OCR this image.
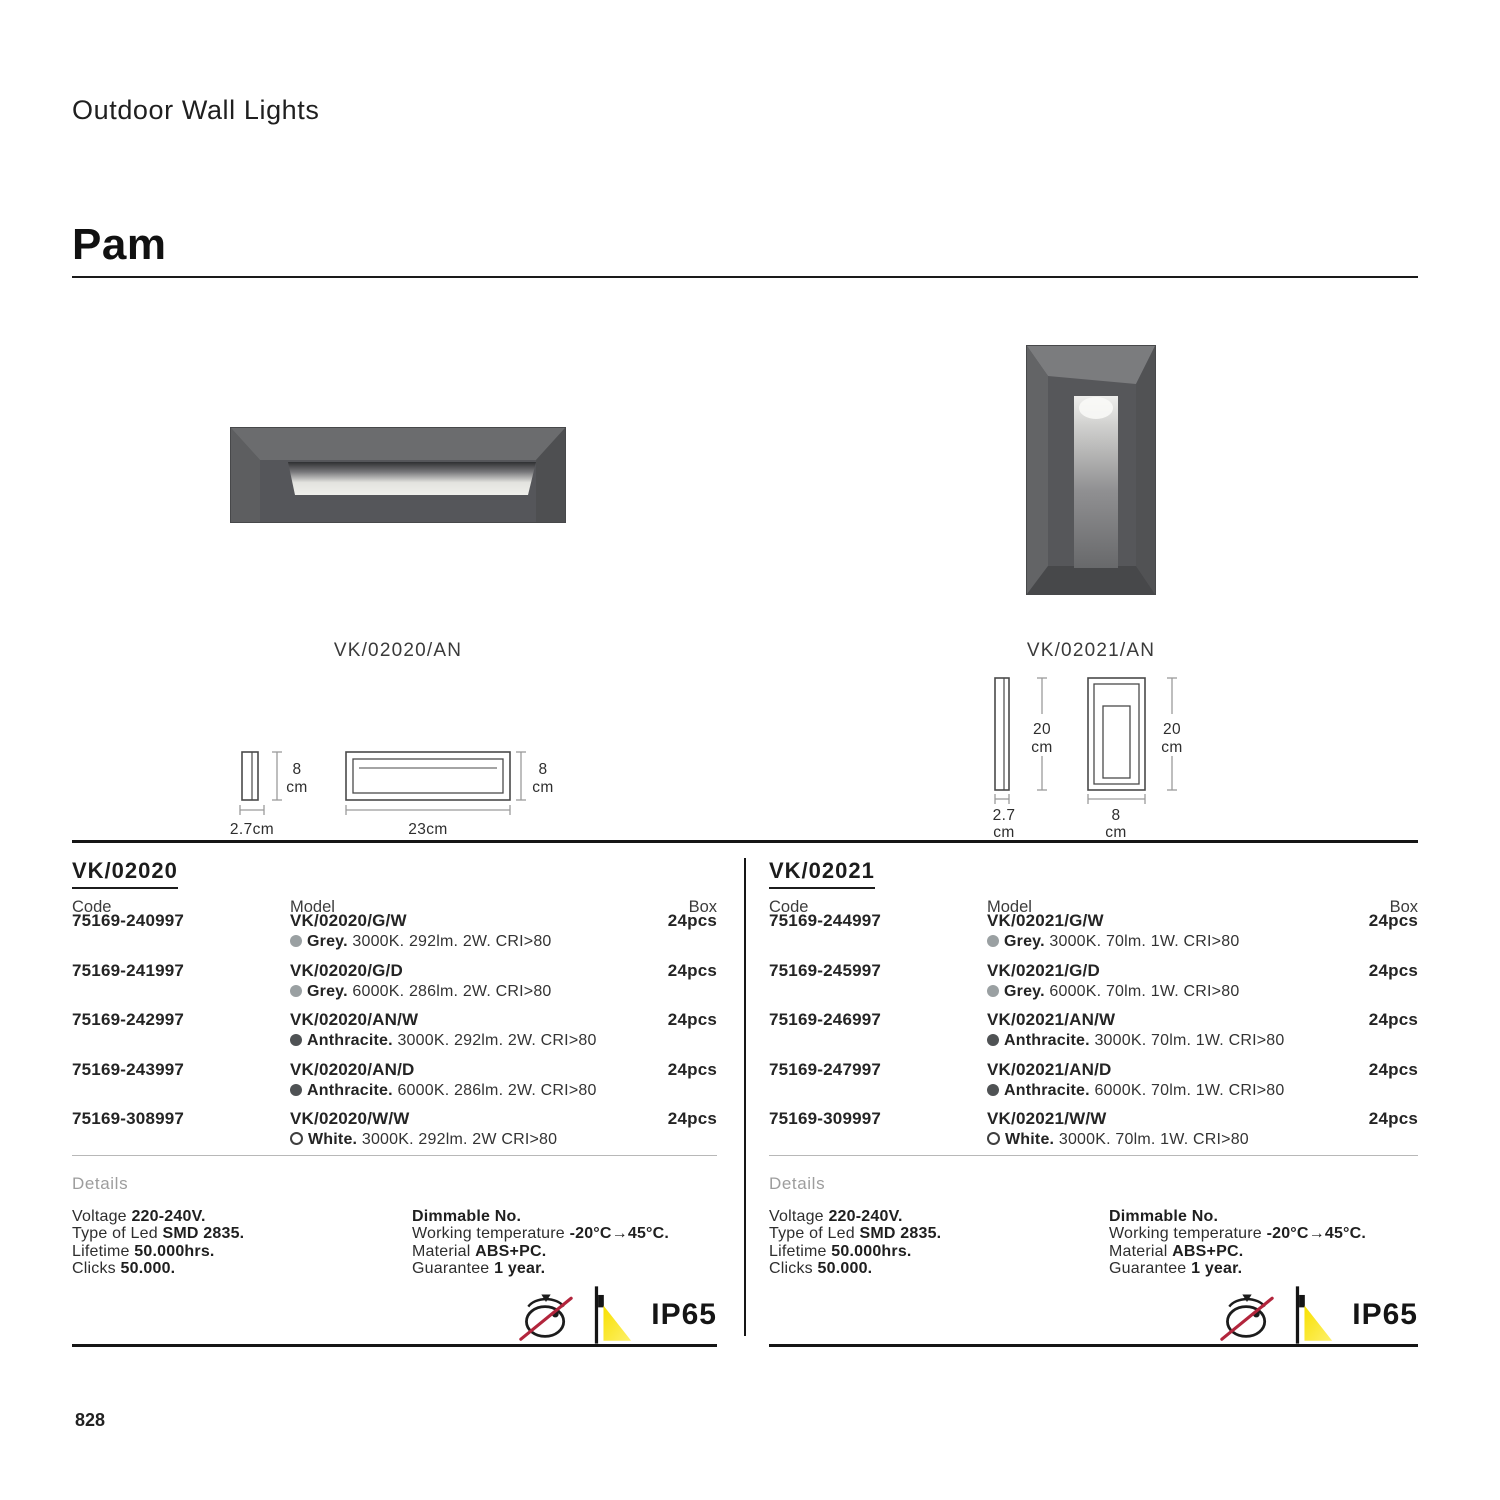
Outdoor Wall Lights
Pam
VK/02020/AN	VK/02021/AN
8
cm
2.7cm	23cm
8
cm
20
cm
2.7
cm
20
cm
8
cm
VK/02020
Code	Model	Box
75169-240997	VK/02020/G/W
Grey. 3000K. 292lm. 2W. CRI>80
24pcs
75169-241997	VK/02020/G/D
Grey. 6000K. 286lm. 2W. CRI>80
24pcs
75169-242997	VK/02020/AN/W
Anthracite. 3000K. 292lm. 2W. CRI>80
24pcs
75169-243997	VK/02020/AN/D
Anthracite. 6000K. 286lm. 2W. CRI>80
24pcs
75169-308997	VK/02020/W/W
White. 3000K. 292lm. 2W CRI>80
24pcs
Details
Voltage 220-240V.
Type of Led SMD 2835.
Lifetime 50.000hrs.
Clicks 50.000.
Dimmable No.
Working temperature -20°C→45°C.
Material ABS+PC.
Guarantee 1 year.
IP65
VK/02021
Code	Model	Box
75169-244997	VK/02021/G/W
Grey. 3000K. 70lm. 1W. CRI>80
24pcs
75169-245997	VK/02021/G/D
Grey. 6000K. 70lm. 1W. CRI>80
24pcs
75169-246997	VK/02021/AN/W
Anthracite. 3000K. 70lm. 1W. CRI>80
24pcs
75169-247997	VK/02021/AN/D
Anthracite. 6000K. 70lm. 1W. CRI>80
24pcs
75169-309997	VK/02021/W/W
White. 3000K. 70lm. 1W. CRI>80
24pcs
Details
Voltage 220-240V.
Type of Led SMD 2835.
Lifetime 50.000hrs.
Clicks 50.000.
Dimmable No.
Working temperature -20°C→45°C.
Material ABS+PC.
Guarantee 1 year.
IP65
828
